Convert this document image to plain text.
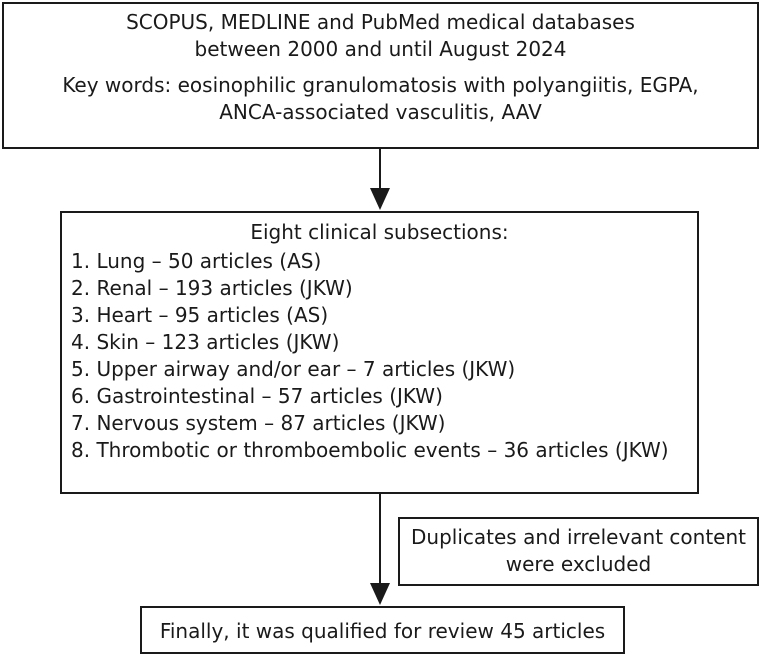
SCOPUS, MEDLINE and PubMed medical databases

between 2000 and until August 2024

Key words: eosinophilic granulomatosis with polyangiitis, EGPA,

ANCA-associated vasculitis, AAV

Eight clinical subsections:

1. Lung – 50 articles (AS)

2. Renal – 193 articles (JKW)

3. Heart – 95 articles (AS)

4. Skin – 123 articles (JKW)

5. Upper airway and/or ear – 7 articles (JKW)

6. Gastrointestinal – 57 articles (JKW)

7. Nervous system – 87 articles (JKW)

8. Thrombotic or thromboembolic events – 36 articles (JKW)

Duplicates and irrelevant content

were excluded

Finally, it was qualified for review 45 articles
